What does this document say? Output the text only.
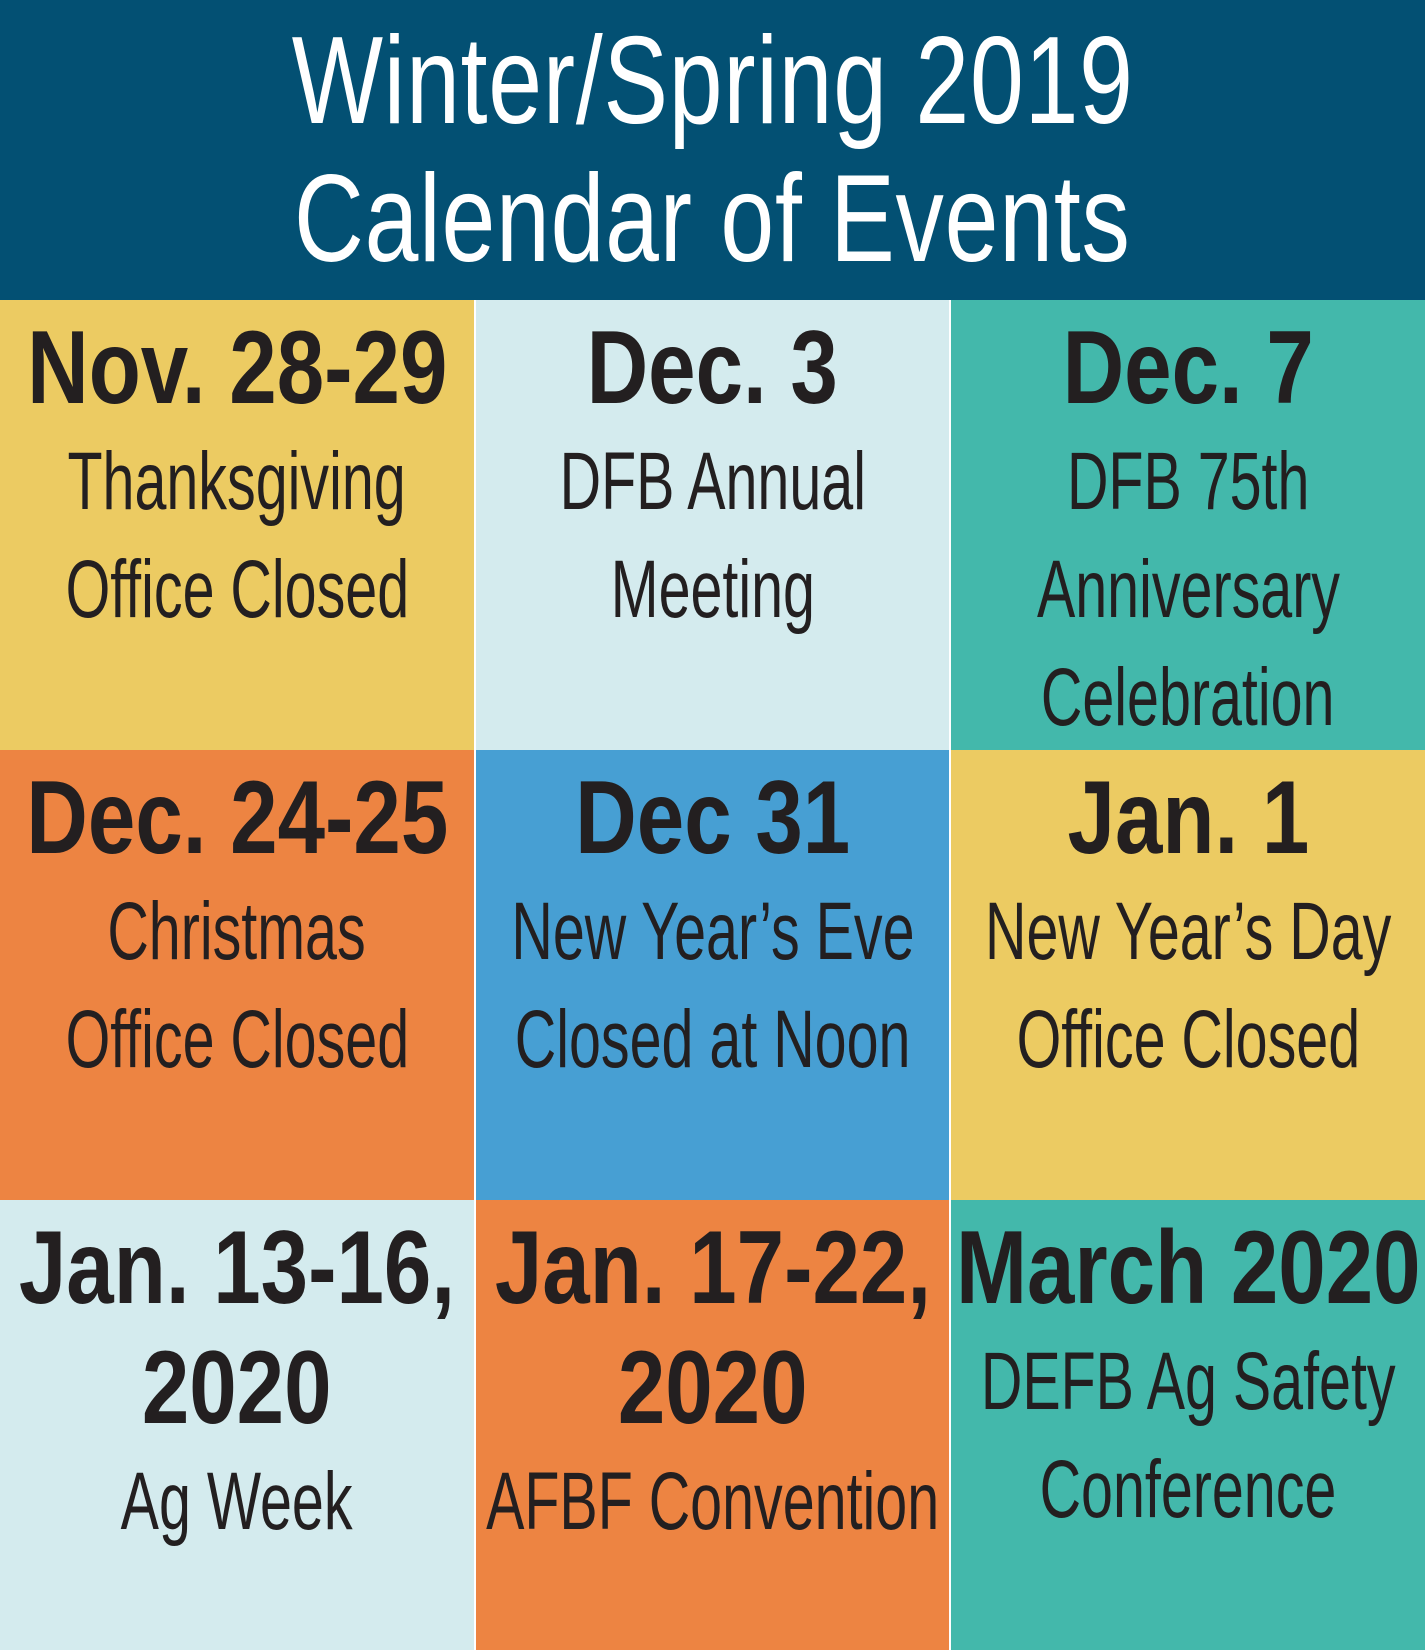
Winter/Spring 2019
Calendar of Events
Nov. 28-29
Thanksgiving
Office Closed
Dec. 3
DFB Annual
Meeting
Dec. 7
DFB 75th
Anniversary
Celebration
Dec. 24-25
Christmas
Office Closed
Dec 31
New Year’s Eve
Closed at Noon
Jan. 1
New Year’s Day
Office Closed
Jan. 13-16,
2020
Ag Week
Jan. 17-22,
2020
AFBF Convention
March 2020
DEFB Ag Safety
Conference
